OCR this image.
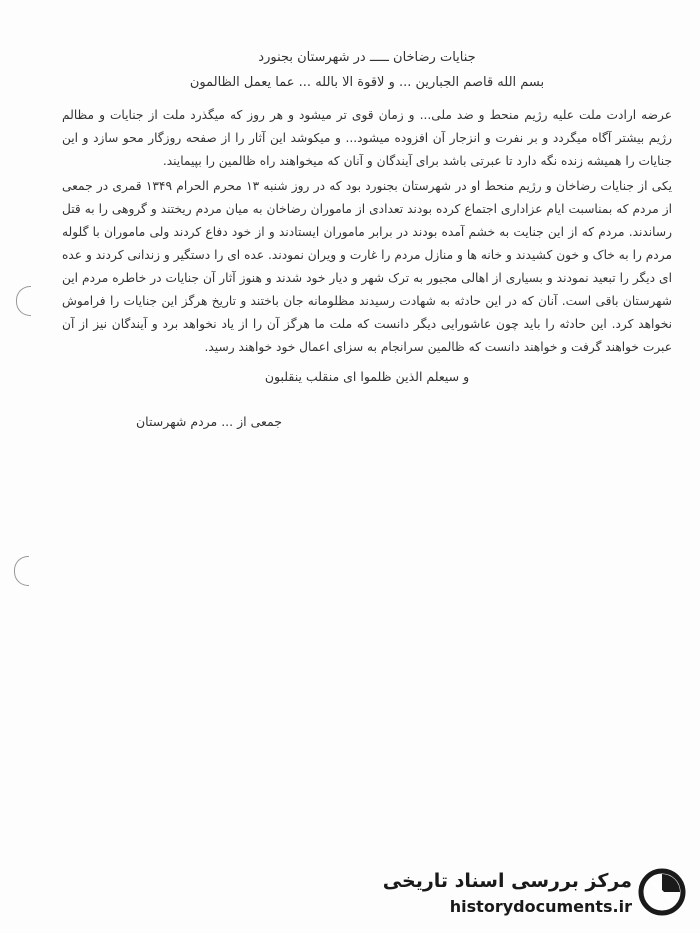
جنایات رضاخان ـــــ در شهرستان بجنورد

بسم الله قاصم الجبارین ... و لاقوة الا بالله ... عما یعمل الظالمون

عرضه ارادت ملت علیه رژیم منحط و ضد ملی... و زمان قوی تر میشود و هر روز که میگذرد ملت از جنایات و مظالم رژیم بیشتر آگاه میگردد و بر نفرت و انزجار آن افزوده میشود... و میکوشد این آثار را از صفحه روزگار محو سازد و این جنایات را همیشه زنده نگه دارد تا عبرتی باشد برای آیندگان و آنان که میخواهند راه ظالمین را بپیمایند.

یکی از جنایات رضاخان و رژیم منحط او در شهرستان بجنورد بود که در روز شنبه ۱۳ محرم الحرام ۱۳۴۹ قمری در جمعی از مردم که بمناسبت ایام عزاداری اجتماع کرده بودند تعدادی از ماموران رضاخان به میان مردم ریختند و گروهی را به قتل رساندند. مردم که از این جنایت به خشم آمده بودند در برابر ماموران ایستادند و از خود دفاع کردند ولی ماموران با گلوله مردم را به خاک و خون کشیدند و خانه ها و منازل مردم را غارت و ویران نمودند. عده ای را دستگیر و زندانی کردند و عده ای دیگر را تبعید نمودند و بسیاری از اهالی مجبور به ترک شهر و دیار خود شدند و هنوز آثار آن جنایات در خاطره مردم این شهرستان باقی است. آنان که در این حادثه به شهادت رسیدند مظلومانه جان باختند و تاریخ هرگز این جنایات را فراموش نخواهد کرد. این حادثه را باید چون عاشورایی دیگر دانست که ملت ما هرگز آن را از یاد نخواهد برد و آیندگان نیز از آن عبرت خواهند گرفت و خواهند دانست که ظالمین سرانجام به سزای اعمال خود خواهند رسید.

و سیعلم الذین ظلموا ای منقلب ینقلبون

جمعی از ... مردم شهرستان

مرکز بررسی اسناد تاریخی
historydocuments.ir
